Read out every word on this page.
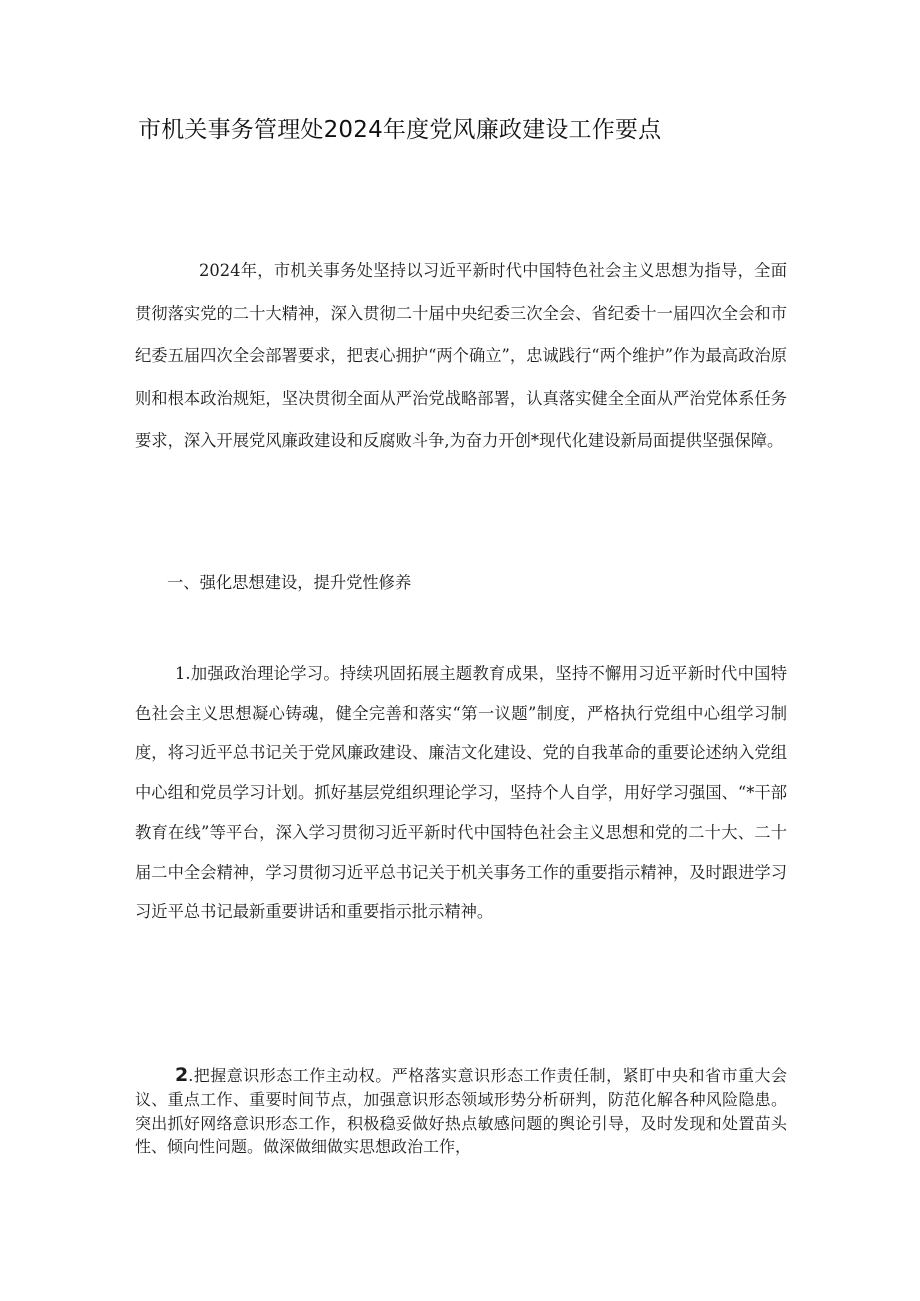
市机关事务管理处2024年度党风廉政建设工作要点

2024年，市机关事务处坚持以习近平新时代中国特色社会主义思想为指导，全面贯彻落实党的二十大精神，深入贯彻二十届中央纪委三次全会、省纪委十一届四次全会和市纪委五届四次全会部署要求，把衷心拥护“两个确立”，忠诚践行“两个维护”作为最高政治原则和根本政治规矩，坚决贯彻全面从严治党战略部署，认真落实健全全面从严治党体系任务要求，深入开展党风廉政建设和反腐败斗争,为奋力开创*现代化建设新局面提供坚强保障。

一、强化思想建设，提升党性修养

1.加强政治理论学习。持续巩固拓展主题教育成果，坚持不懈用习近平新时代中国特色社会主义思想凝心铸魂，健全完善和落实“第一议题”制度，严格执行党组中心组学习制度，将习近平总书记关于党风廉政建设、廉洁文化建设、党的自我革命的重要论述纳入党组中心组和党员学习计划。抓好基层党组织理论学习，坚持个人自学，用好学习强国、“*干部教育在线”等平台，深入学习贯彻习近平新时代中国特色社会主义思想和党的二十大、二十届二中全会精神，学习贯彻习近平总书记关于机关事务工作的重要指示精神，及时跟进学习习近平总书记最新重要讲话和重要指示批示精神。

2.把握意识形态工作主动权。严格落实意识形态工作责任制，紧盯中央和省市重大会议、重点工作、重要时间节点，加强意识形态领域形势分析研判，防范化解各种风险隐患。突出抓好网络意识形态工作，积极稳妥做好热点敏感问题的舆论引导，及时发现和处置苗头性、倾向性问题。做深做细做实思想政治工作，
